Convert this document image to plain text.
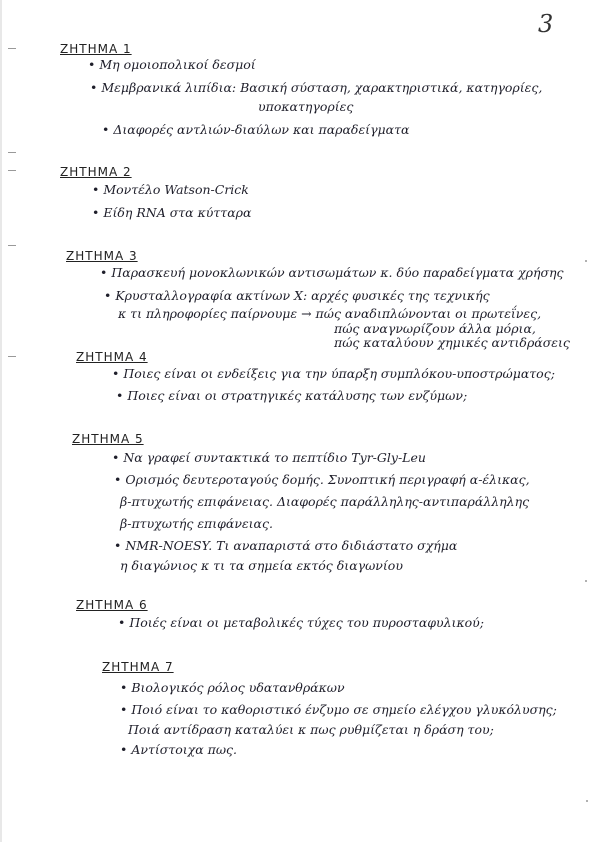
3
ΖΗΤΗΜΑ 1
• Μη ομοιοπολικοί δεσμοί
• Μεμβρανικά λιπίδια: Βασική σύσταση, χαρακτηριστικά, κατηγορίες,
υποκατηγορίες
• Διαφορές αντλιών-διαύλων και παραδείγματα
ΖΗΤΗΜΑ 2
• Μοντέλο Watson-Crick
• Είδη RNA στα κύτταρα
ΖΗΤΗΜΑ 3
• Παρασκευή μονοκλωνικών αντισωμάτων κ. δύο παραδείγματα χρήσης
• Κρυσταλλογραφία ακτίνων Χ: αρχές φυσικές της τεχνικής
κ τι πληροφορίες παίρνουμε → πώς αναδιπλώνονται οι πρωτεΐνες,
πώς αναγνωρίζουν άλλα μόρια,
πώς καταλύουν χημικές αντιδράσεις
ΖΗΤΗΜΑ 4
• Ποιες είναι οι ενδείξεις για την ύπαρξη συμπλόκου-υποστρώματος;
• Ποιες είναι οι στρατηγικές κατάλυσης των ενζύμων;
ΖΗΤΗΜΑ 5
• Να γραφεί συντακτικά το πεπτίδιο Tyr-Gly-Leu
• Ορισμός δευτεροταγούς δομής. Συνοπτική περιγραφή α-έλικας,
β-πτυχωτής επιφάνειας. Διαφορές παράλληλης-αντιπαράλληλης
β-πτυχωτής επιφάνειας.
• NMR-NOESY. Τι αναπαριστά στο διδιάστατο σχήμα
η διαγώνιος κ τι τα σημεία εκτός διαγωνίου
ΖΗΤΗΜΑ 6
• Ποιές είναι οι μεταβολικές τύχες του πυροσταφυλικού;
ΖΗΤΗΜΑ 7
• Βιολογικός ρόλος υδατανθράκων
• Ποιό είναι το καθοριστικό ένζυμο σε σημείο ελέγχου γλυκόλυσης;
Ποιά αντίδραση καταλύει κ πως ρυθμίζεται η δράση του;
• Αντίστοιχα πως.
